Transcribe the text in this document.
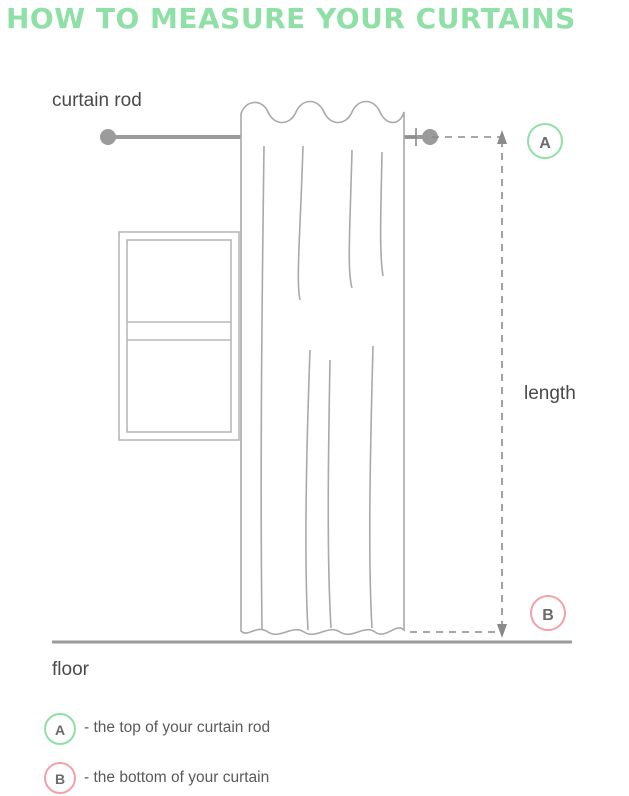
HOW TO MEASURE YOUR CURTAINS
A
B
A
B
curtain rod
length
floor
- the top of your curtain rod
- the bottom of your curtain
